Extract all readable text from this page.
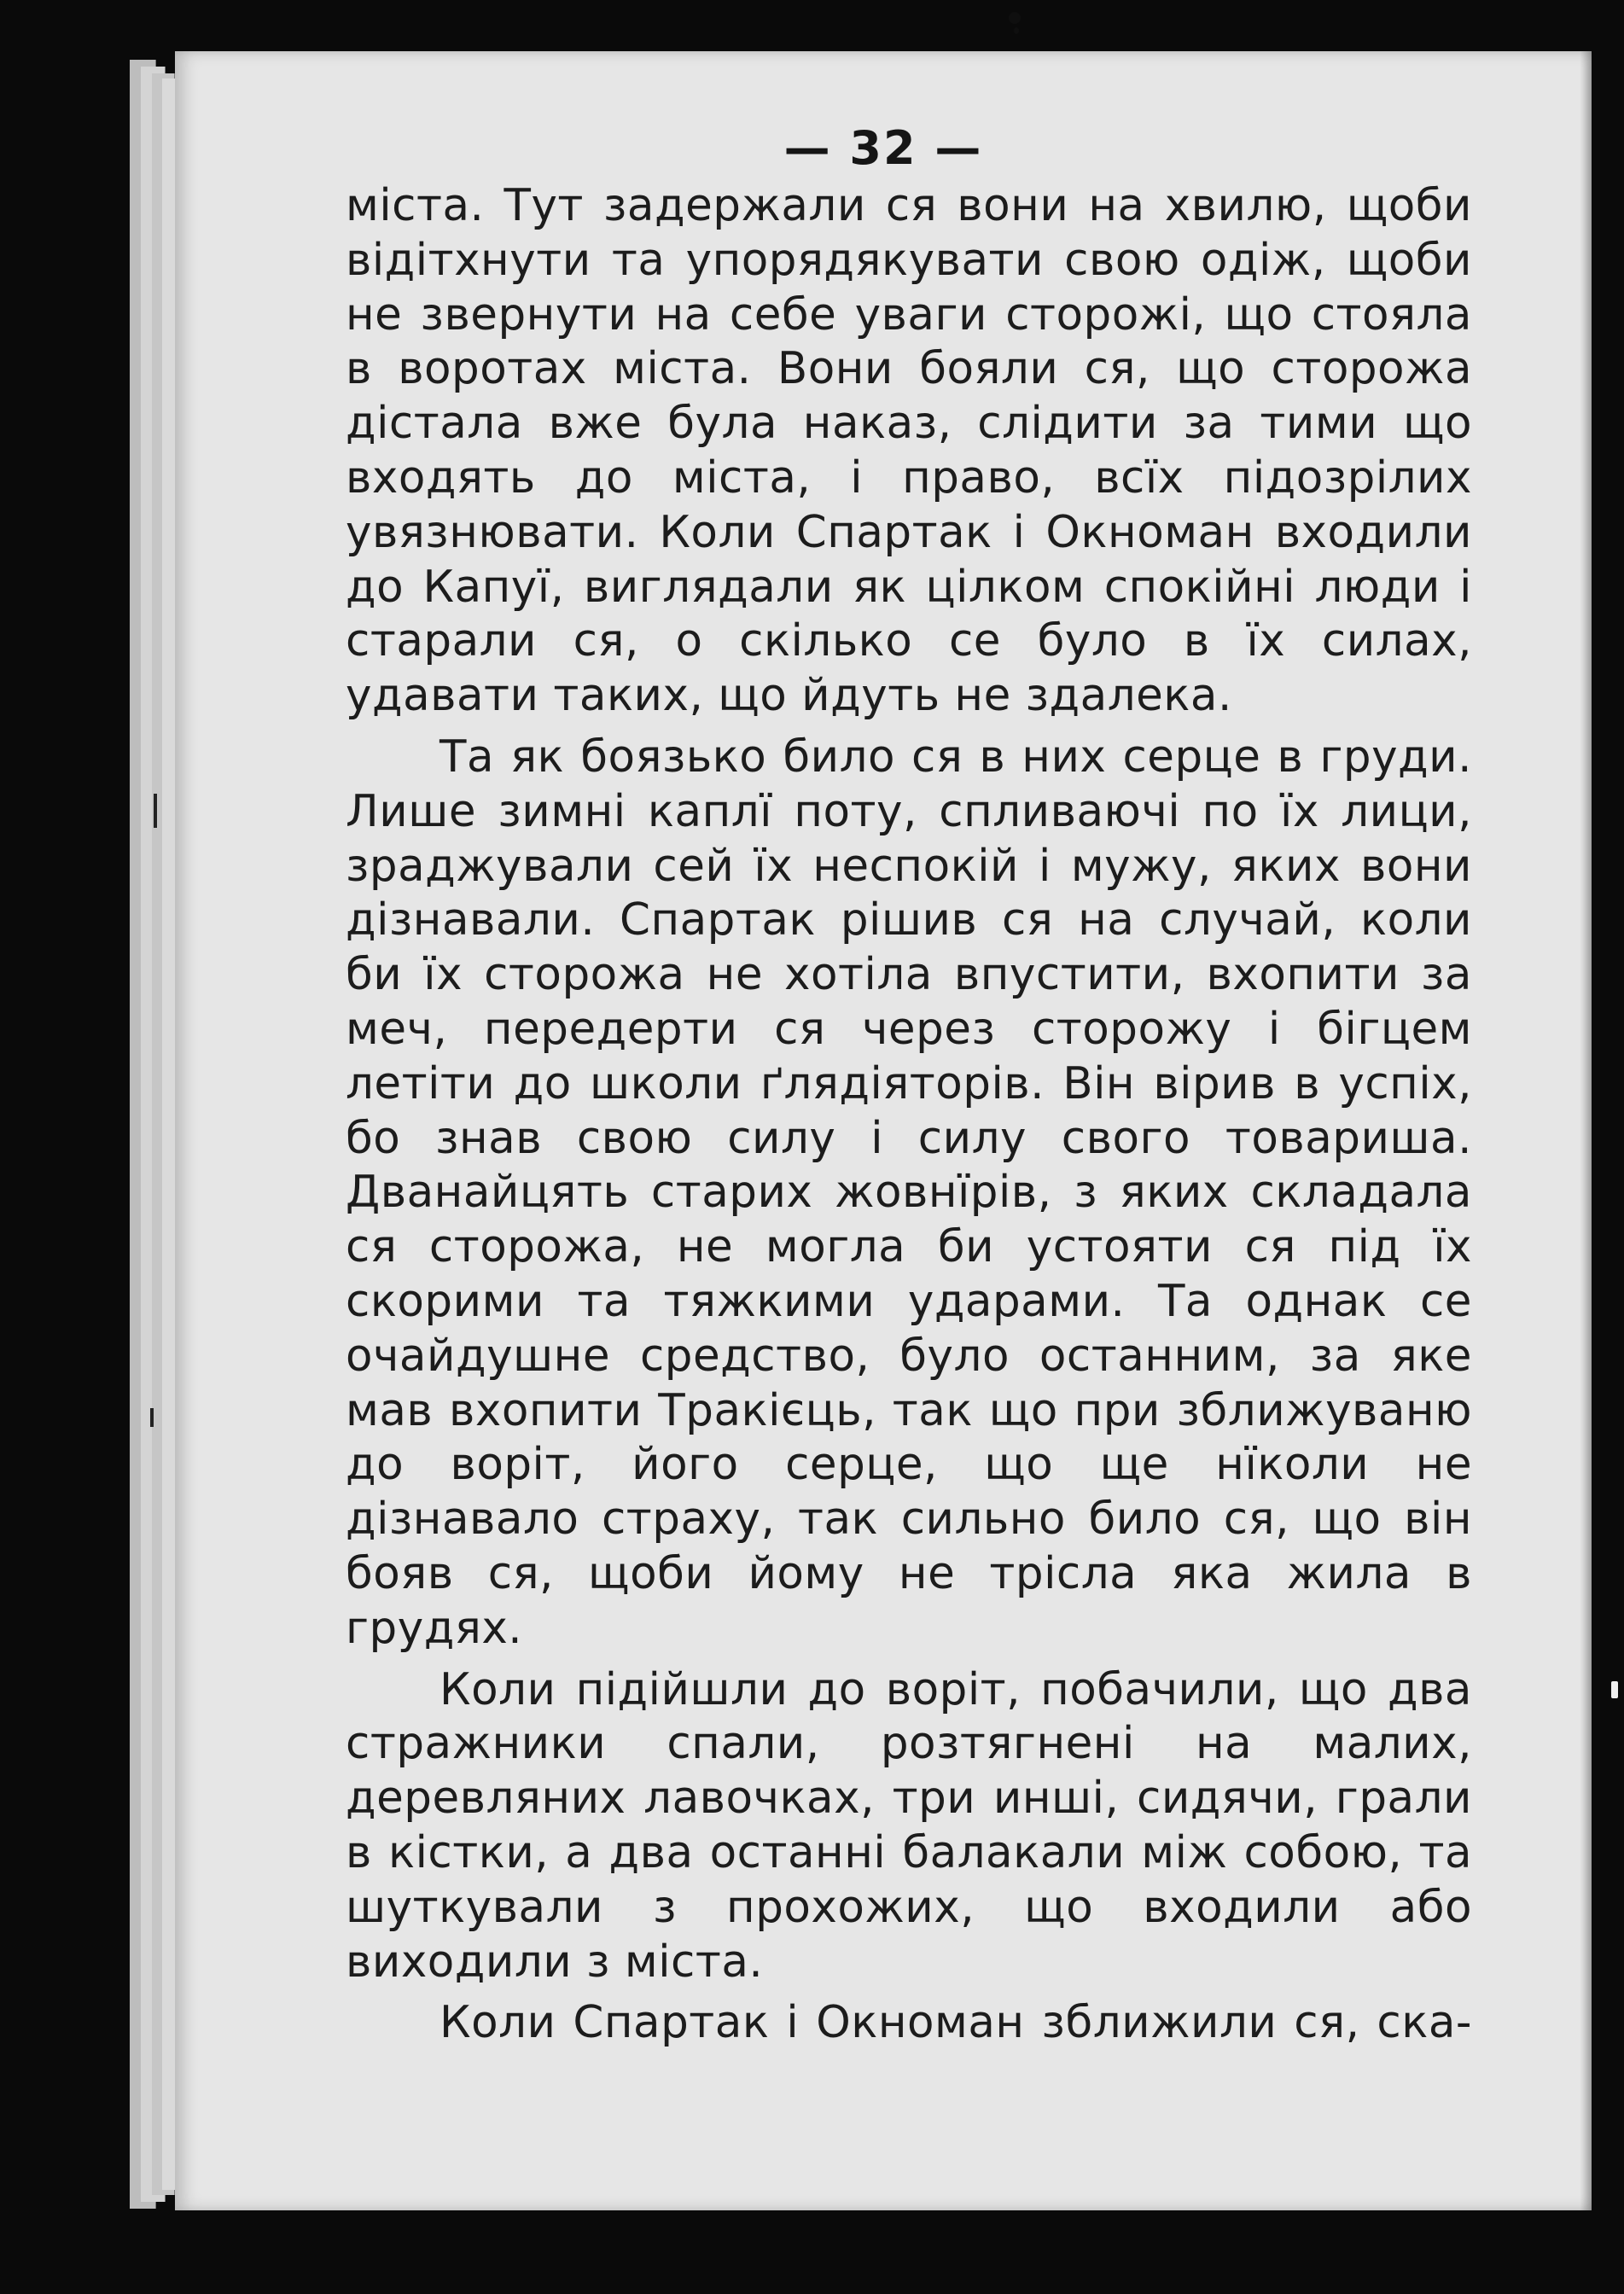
— 32 —

міста. Тут задержали ся вони на хвилю, щоби відітхнути та упорядякувати свою одіж, щоби не звернути на себе уваги сторожі, що стояла в воротах міста. Вони бояли ся, що сторожа дістала вже була наказ, слідити за тими що входять до міста, і право, всїх підозрілих увязнювати. Коли Спартак і Окноман входили до Капуї, виглядали як цілком спокійні люди і старали ся, о скілько се було в їх силах, удавати таких, що йдуть не здалека.

Та як боязько било ся в них серце в груди. Лише зимні каплї поту, спливаючі по їх лици, зраджували сей їх неспокій і мужу, яких вони дізнавали. Спартак рішив ся на случай, коли би їх сторожа не хотіла впустити, вхопити за меч, передерти ся через сторожу і бігцем летіти до школи ґлядіяторів. Він вірив в успіх, бо знав свою силу і силу свого товариша. Дванайцять старих жовнїрів, з яких складала ся сторожа, не могла би устояти ся під їх скорими та тяжкими ударами. Та однак се очайдушне средство, було останним, за яке мав вхопити Тракієць, так що при зближуваню до воріт, його серце, що ще нїколи не дізнавало страху, так сильно било ся, що він бояв ся, щоби йому не трісла яка жила в грудях.

Коли підійшли до воріт, побачили, що два стражники спали, розтягнені на малих, деревляних лавочках, три инші, сидячи, грали в кістки, а два останні балакали між собою, та шуткували з прохожих, що входили або виходили з міста.

Коли Спартак і Окноман зближили ся, ска-
